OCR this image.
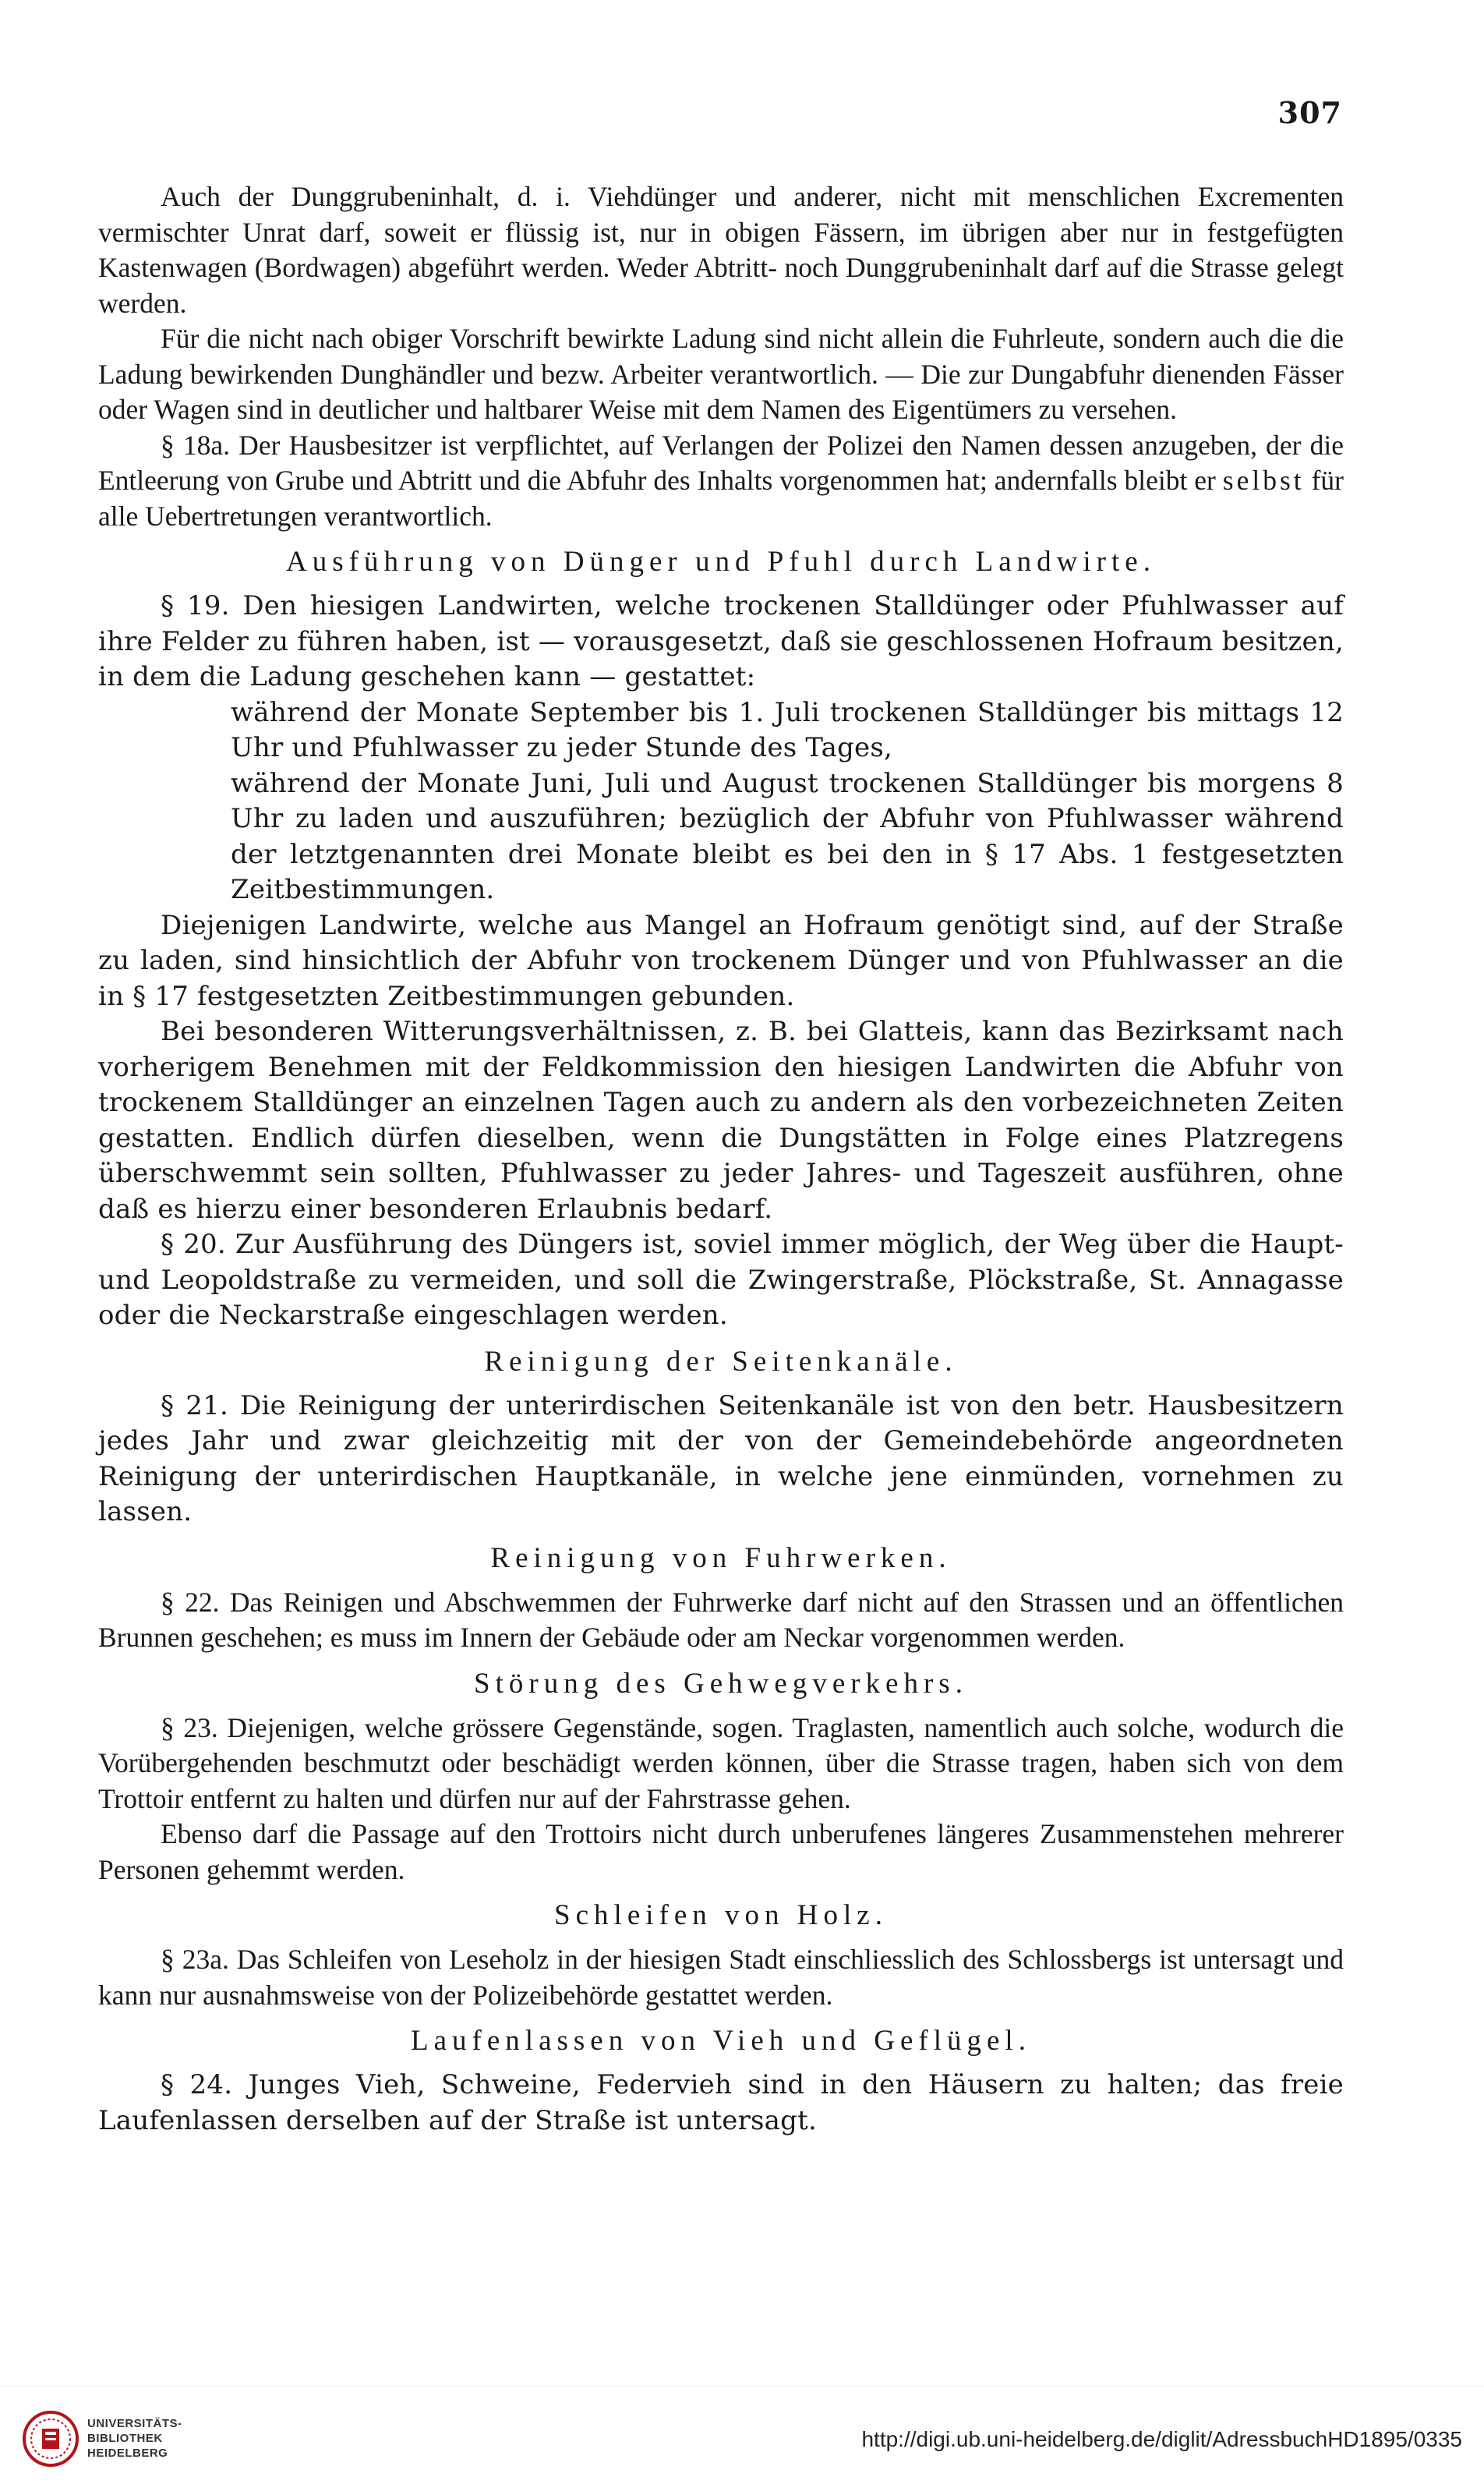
307

Auch der Dunggrubeninhalt, d. i. Viehdünger und anderer, nicht mit menschlichen Excrementen vermischter Unrat darf, soweit er flüssig ist, nur in obigen Fässern, im übrigen aber nur in festgefügten Kastenwagen (Bordwagen) abgeführt werden. Weder Abtritt- noch Dunggrubeninhalt darf auf die Strasse gelegt werden.

Für die nicht nach obiger Vorschrift bewirkte Ladung sind nicht allein die Fuhrleute, sondern auch die die Ladung bewirkenden Dunghändler und bezw. Arbeiter verantwortlich. — Die zur Dungabfuhr dienenden Fässer oder Wagen sind in deutlicher und haltbarer Weise mit dem Namen des Eigentümers zu versehen.

§ 18a. Der Hausbesitzer ist verpflichtet, auf Verlangen der Polizei den Namen dessen anzugeben, der die Entleerung von Grube und Abtritt und die Abfuhr des Inhalts vorgenommen hat; andernfalls bleibt er selbst für alle Uebertretungen verantwortlich.

Ausführung von Dünger und Pfuhl durch Landwirte.

§ 19. Den hiesigen Landwirten, welche trockenen Stalldünger oder Pfuhlwasser auf ihre Felder zu führen haben, ist — vorausgesetzt, daß sie geschlossenen Hofraum besitzen, in dem die Ladung geschehen kann — gestattet:

während der Monate September bis 1. Juli trockenen Stalldünger bis mittags 12 Uhr und Pfuhlwasser zu jeder Stunde des Tages,

während der Monate Juni, Juli und August trockenen Stalldünger bis morgens 8 Uhr zu laden und auszuführen; bezüglich der Abfuhr von Pfuhlwasser während der letztgenannten drei Monate bleibt es bei den in § 17 Abs. 1 festgesetzten Zeitbestimmungen.

Diejenigen Landwirte, welche aus Mangel an Hofraum genötigt sind, auf der Straße zu laden, sind hinsichtlich der Abfuhr von trockenem Dünger und von Pfuhlwasser an die in § 17 festgesetzten Zeitbestimmungen gebunden.

Bei besonderen Witterungsverhältnissen, z. B. bei Glatteis, kann das Bezirksamt nach vorherigem Benehmen mit der Feldkommission den hiesigen Landwirten die Abfuhr von trockenem Stalldünger an einzelnen Tagen auch zu andern als den vorbezeichneten Zeiten gestatten. Endlich dürfen dieselben, wenn die Dungstätten in Folge eines Platzregens überschwemmt sein sollten, Pfuhlwasser zu jeder Jahres- und Tageszeit ausführen, ohne daß es hierzu einer besonderen Erlaubnis bedarf.

§ 20. Zur Ausführung des Düngers ist, soviel immer möglich, der Weg über die Haupt- und Leopoldstraße zu vermeiden, und soll die Zwingerstraße, Plöckstraße, St. Annagasse oder die Neckarstraße eingeschlagen werden.

Reinigung der Seitenkanäle.

§ 21. Die Reinigung der unterirdischen Seitenkanäle ist von den betr. Hausbesitzern jedes Jahr und zwar gleichzeitig mit der von der Gemeindebehörde angeordneten Reinigung der unterirdischen Hauptkanäle, in welche jene einmünden, vornehmen zu lassen.

Reinigung von Fuhrwerken.

§ 22. Das Reinigen und Abschwemmen der Fuhrwerke darf nicht auf den Strassen und an öffentlichen Brunnen geschehen; es muss im Innern der Gebäude oder am Neckar vorgenommen werden.

Störung des Gehwegverkehrs.

§ 23. Diejenigen, welche grössere Gegenstände, sogen. Traglasten, namentlich auch solche, wodurch die Vorübergehenden beschmutzt oder beschädigt werden können, über die Strasse tragen, haben sich von dem Trottoir entfernt zu halten und dürfen nur auf der Fahrstrasse gehen.

Ebenso darf die Passage auf den Trottoirs nicht durch unberufenes längeres Zusammenstehen mehrerer Personen gehemmt werden.

Schleifen von Holz.

§ 23a. Das Schleifen von Leseholz in der hiesigen Stadt einschliesslich des Schlossbergs ist untersagt und kann nur ausnahmsweise von der Polizeibehörde gestattet werden.

Laufenlassen von Vieh und Geflügel.

§ 24. Junges Vieh, Schweine, Federvieh sind in den Häusern zu halten; das freie Laufenlassen derselben auf der Straße ist untersagt.

UNIVERSITÄTS-
BIBLIOTHEK
HEIDELBERG
http://digi.ub.uni-heidelberg.de/diglit/AdressbuchHD1895/0335
